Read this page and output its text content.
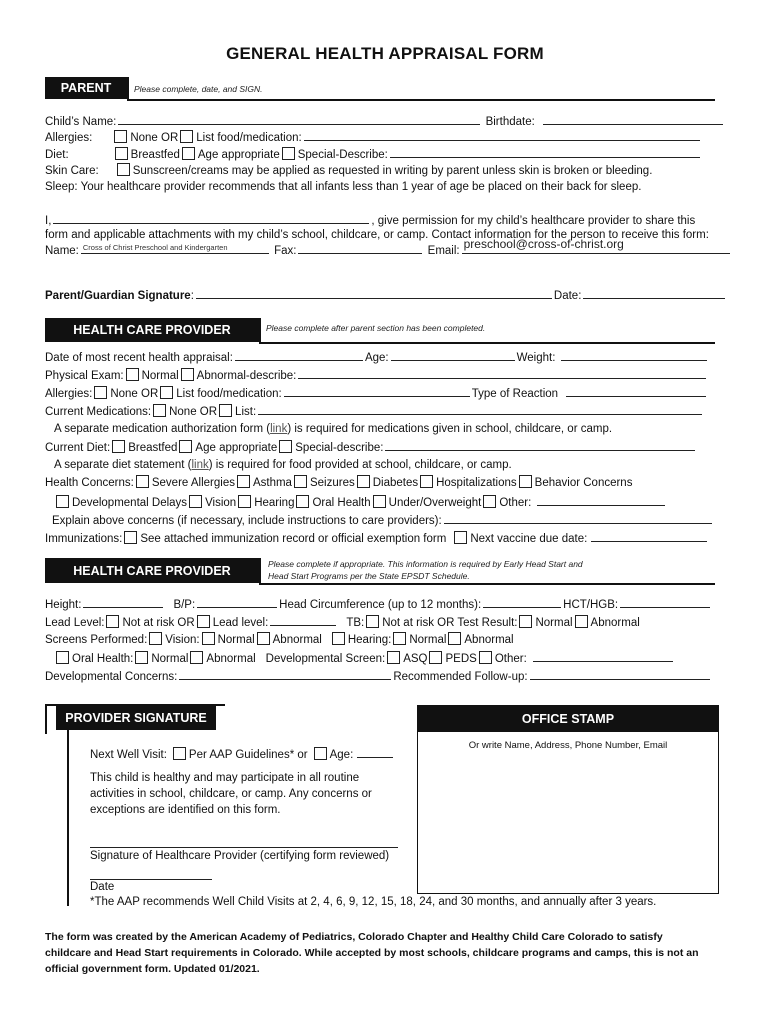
GENERAL HEALTH APPRAISAL FORM
PARENT	Please complete, date, and SIGN.
Child’s Name:	Birthdate:
Allergies:	None OR List food/medication:
Diet:	Breastfed Age appropriate Special-Describe:
Skin Care:	Sunscreen/creams may be applied as requested in writing by parent unless skin is broken or bleeding.
Sleep: Your healthcare provider recommends that all infants less than 1 year of age be placed on their back for sleep.
I,	, give permission for my child’s healthcare provider to share this
form and applicable attachments with my child’s school, childcare, or camp. Contact information for the person to receive this form:
Name: Cross of Christ Preschool and Kindergarten	Fax:	Email: preschool@cross-of-christ.org
Parent/Guardian Signature:	Date:
HEALTH CARE PROVIDER	Please complete after parent section has been completed.
Date of most recent health appraisal:	Age:	Weight:
Physical Exam: Normal Abnormal-describe:
Allergies: None OR List food/medication:	Type of Reaction
Current Medications: None OR List:
A separate medication authorization form (link) is required for medications given in school, childcare, or camp.
Current Diet: Breastfed Age appropriate Special-describe:
A separate diet statement (link) is required for food provided at school, childcare, or camp.
Health Concerns: Severe Allergies Asthma Seizures Diabetes Hospitalizations Behavior Concerns
Developmental Delays Vision Hearing Oral Health Under/Overweight Other:
Explain above concerns (if necessary, include instructions to care providers):
Immunizations: See attached immunization record or official exemption form Next vaccine due date:
HEALTH CARE PROVIDER	Please complete if appropriate. This information is required by Early Head Start and
Head Start Programs per the State EPSDT Schedule.
Height:	B/P:	Head Circumference (up to 12 months):	HCT/HGB:
Lead Level: Not at risk OR Lead level:	TB: Not at risk OR Test Result: Normal Abnormal
Screens Performed: Vision: Normal Abnormal Hearing: Normal Abnormal
Oral Health: Normal Abnormal Developmental Screen: ASQ PEDS Other:
Developmental Concerns:	Recommended Follow-up:
PROVIDER SIGNATURE
Next Well Visit: Per AAP Guidelines* or Age:
This child is healthy and may participate in all routine
activities in school, childcare, or camp. Any concerns or
exceptions are identified on this form.
Signature of Healthcare Provider (certifying form reviewed)
Date
*The AAP recommends Well Child Visits at 2, 4, 6, 9, 12, 15, 18, 24, and 30 months, and annually after 3 years.
OFFICE STAMP
Or write Name, Address, Phone Number, Email
The form was created by the American Academy of Pediatrics, Colorado Chapter and Healthy Child Care Colorado to satisfy
childcare and Head Start requirements in Colorado. While accepted by most schools, childcare programs and camps, this is not an
official government form. Updated 01/2021.
